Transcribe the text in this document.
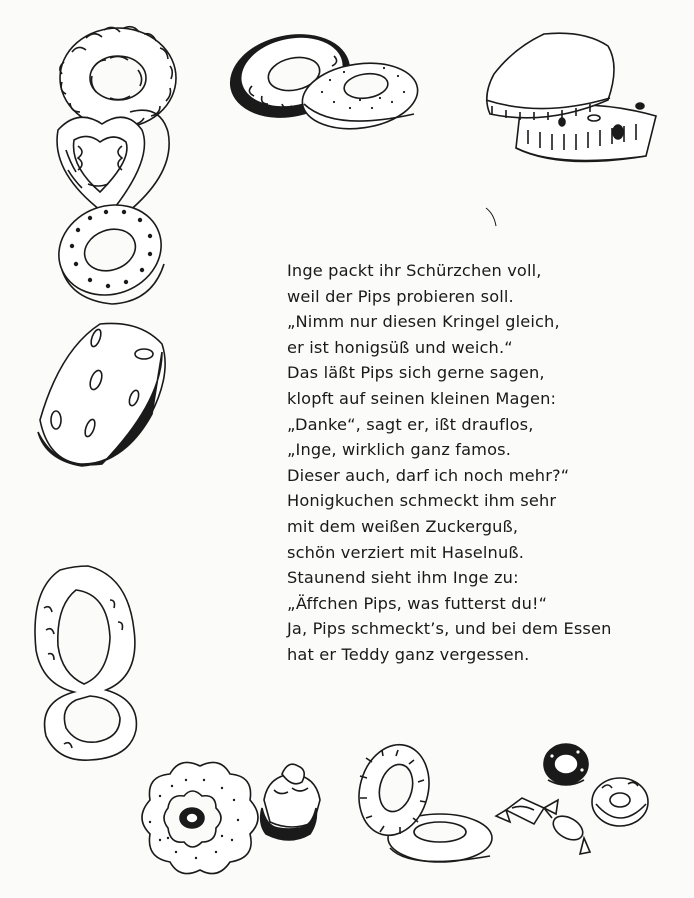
Inge packt ihr Schürzchen voll,
weil der Pips probieren soll.
„Nimm nur diesen Kringel gleich,
er ist honigsüß und weich.“
Das läßt Pips sich gerne sagen,
klopft auf seinen kleinen Magen:
„Danke“, sagt er, ißt drauflos,
„Inge, wirklich ganz famos.
Dieser auch, darf ich noch mehr?“
Honigkuchen schmeckt ihm sehr
mit dem weißen Zuckerguß,
schön verziert mit Haselnuß.
Staunend sieht ihm Inge zu:
„Äffchen Pips, was futterst du!“
Ja, Pips schmeckt’s, und bei dem Essen
hat er Teddy ganz vergessen.
